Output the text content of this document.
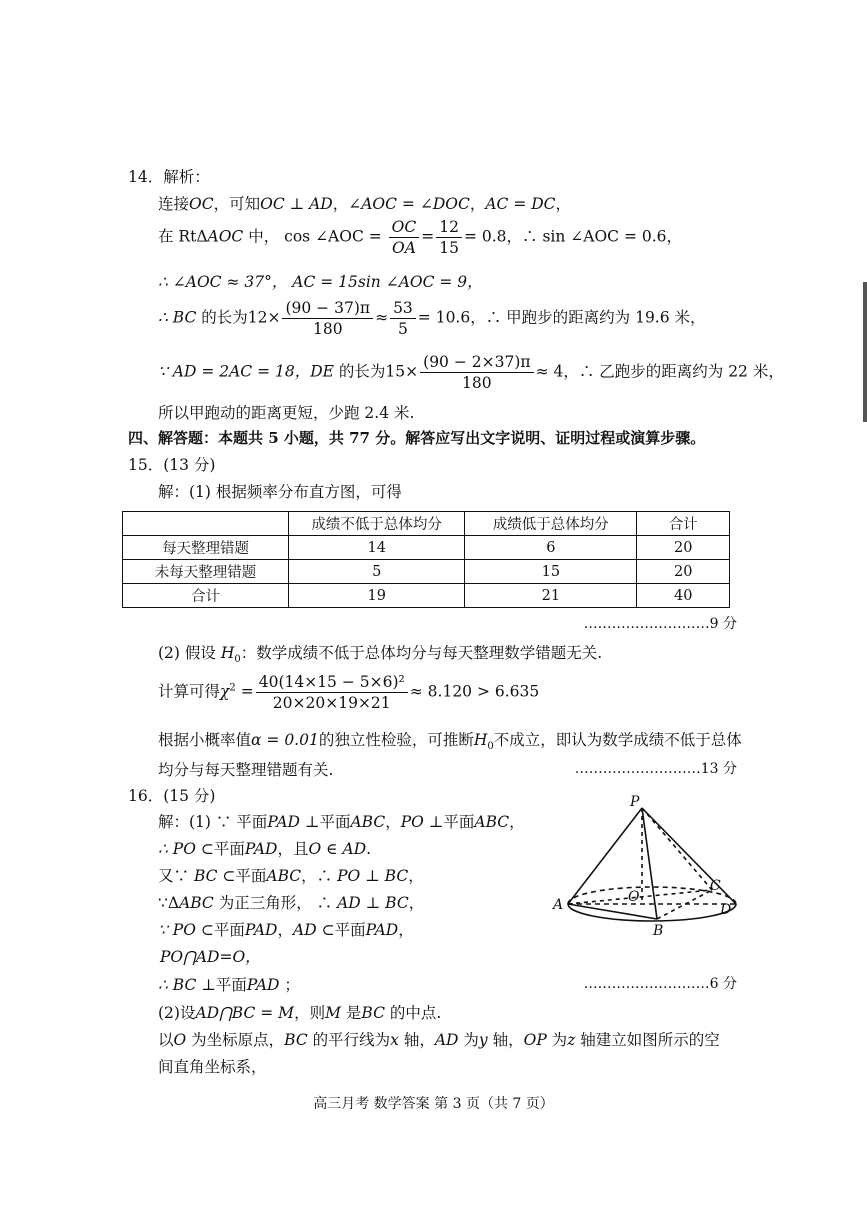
14．解析：
连接OC，可知OC ⊥ AD，∠AOC = ∠DOC，AC = DC，
在 RtΔAOC 中， cos ∠AOC = $\frac{OC}{OA} = \frac{12}{15} = 0.8$，∴ sin ∠AOC = 0.6，
∴ ∠AOC ≈ 37°， AC = 15sin ∠AOC = 9，
∴ BC 的长为$12\times \frac{(90 - 37)\pi}{180} \approx \frac{53}{5} = 10.6$，∴ 甲跑步的距离约为 19.6 米，
∵ AD = 2AC = 18，DE 的长为$15\times \frac{(90 - 2\times 37)\pi}{180} \approx 4$，∴ 乙跑步的距离约为 22 米，
所以甲跑动的距离更短，少跑 2.4 米.
四、解答题：本题共 5 小题，共 77 分。解答应写出文字说明、证明过程或演算步骤。
15．(13 分)
解：(1) 根据频率分布直方图，可得
	成绩不低于总体均分	成绩低于总体均分	合计
每天整理错题	14	6	20
未每天整理错题	5	15	20
合计	19	21	40
………………………9 分
(2) 假设 $H_0$：数学成绩不低于总体均分与每天整理数学错题无关.
计算可得$\chi^2 = \frac{\text{40(14×15 − 5×6)²}}{20\times 20\times 19\times 21} \approx 8.120 > 6.635$
根据小概率值α = 0.01的独立性检验，可推断$H_0$不成立，即认为数学成绩不低于总体
均分与每天整理错题有关.	………………………13 分
16．(15 分)
解：(1) ∵ 平面PAD ⊥平面ABC，PO ⊥平面ABC，
∴ PO ⊂平面PAD，且O ∈ AD.
又∵ BC ⊂平面ABC，∴ PO ⊥ BC，
∵ΔABC 为正三角形， ∴ AD ⊥ BC，
∵ PO ⊂平面PAD，AD ⊂平面PAD，
PO⋂AD=O，
∴ BC ⊥平面PAD ；	………………………6 分
(2)设AD⋂BC = M，则M 是BC 的中点.
以O 为坐标原点，BC 的平行线为x 轴，AD 为y 轴，OP 为z 轴建立如图所示的空
间直角坐标系，
P
A
B
C
D
O
高三月考 数学答案 第 3 页（共 7 页）
